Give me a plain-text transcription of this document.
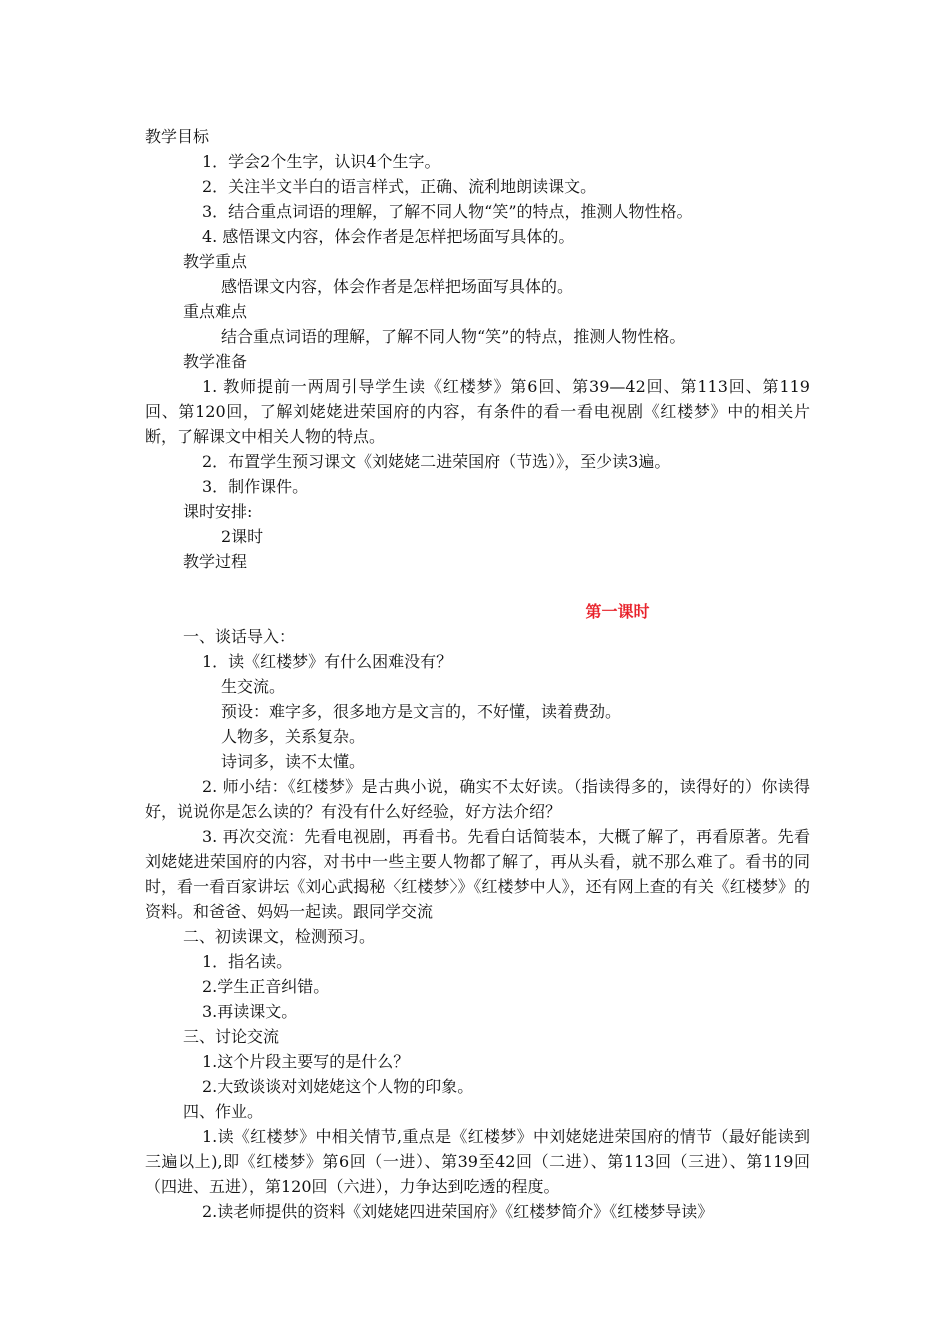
教学目标
1．学会2个生字，认识4个生字。
2．关注半文半白的语言样式，正确、流利地朗读课文。
3．结合重点词语的理解，了解不同人物“笑”的特点，推测人物性格。
4. 感悟课文内容，体会作者是怎样把场面写具体的。
教学重点
感悟课文内容，体会作者是怎样把场面写具体的。
重点难点
结合重点词语的理解，了解不同人物“笑”的特点，推测人物性格。
教学准备
1. 教师提前一两周引导学生读《红楼梦》第6回、第39—42回、第113回、第119回、第120回，了解刘姥姥进荣国府的内容，有条件的看一看电视剧《红楼梦》中的相关片断，了解课文中相关人物的特点。
2．布置学生预习课文《刘姥姥二进荣国府（节选）》，至少读3遍。
3．制作课件。
课时安排:
2课时
教学过程
第一课时
一、谈话导入：
1．读《红楼梦》有什么困难没有？
生交流。
预设：难字多，很多地方是文言的，不好懂，读着费劲。
人物多，关系复杂。
诗词多，读不太懂。
2. 师小结：《红楼梦》是古典小说，确实不太好读。（指读得多的，读得好的）你读得好，说说你是怎么读的？有没有什么好经验，好方法介绍？
3. 再次交流：先看电视剧，再看书。先看白话简装本，大概了解了，再看原著。先看刘姥姥进荣国府的内容，对书中一些主要人物都了解了，再从头看，就不那么难了。看书的同时，看一看百家讲坛《刘心武揭秘〈红楼梦〉》《红楼梦中人》，还有网上查的有关《红楼梦》的资料。和爸爸、妈妈一起读。跟同学交流
二、初读课文，检测预习。
1．指名读。
2.学生正音纠错。
3.再读课文。
三、讨论交流
1.这个片段主要写的是什么？
2.大致谈谈对刘姥姥这个人物的印象。
四、作业。
1.读《红楼梦》中相关情节,重点是《红楼梦》中刘姥姥进荣国府的情节（最好能读到三遍以上),即《红楼梦》第6回（一进）、第39至42回（二进）、第113回（三进）、第119回（四进、五进），第120回（六进），力争达到吃透的程度。
2.读老师提供的资料《刘姥姥四进荣国府》《红楼梦简介》《红楼梦导读》
